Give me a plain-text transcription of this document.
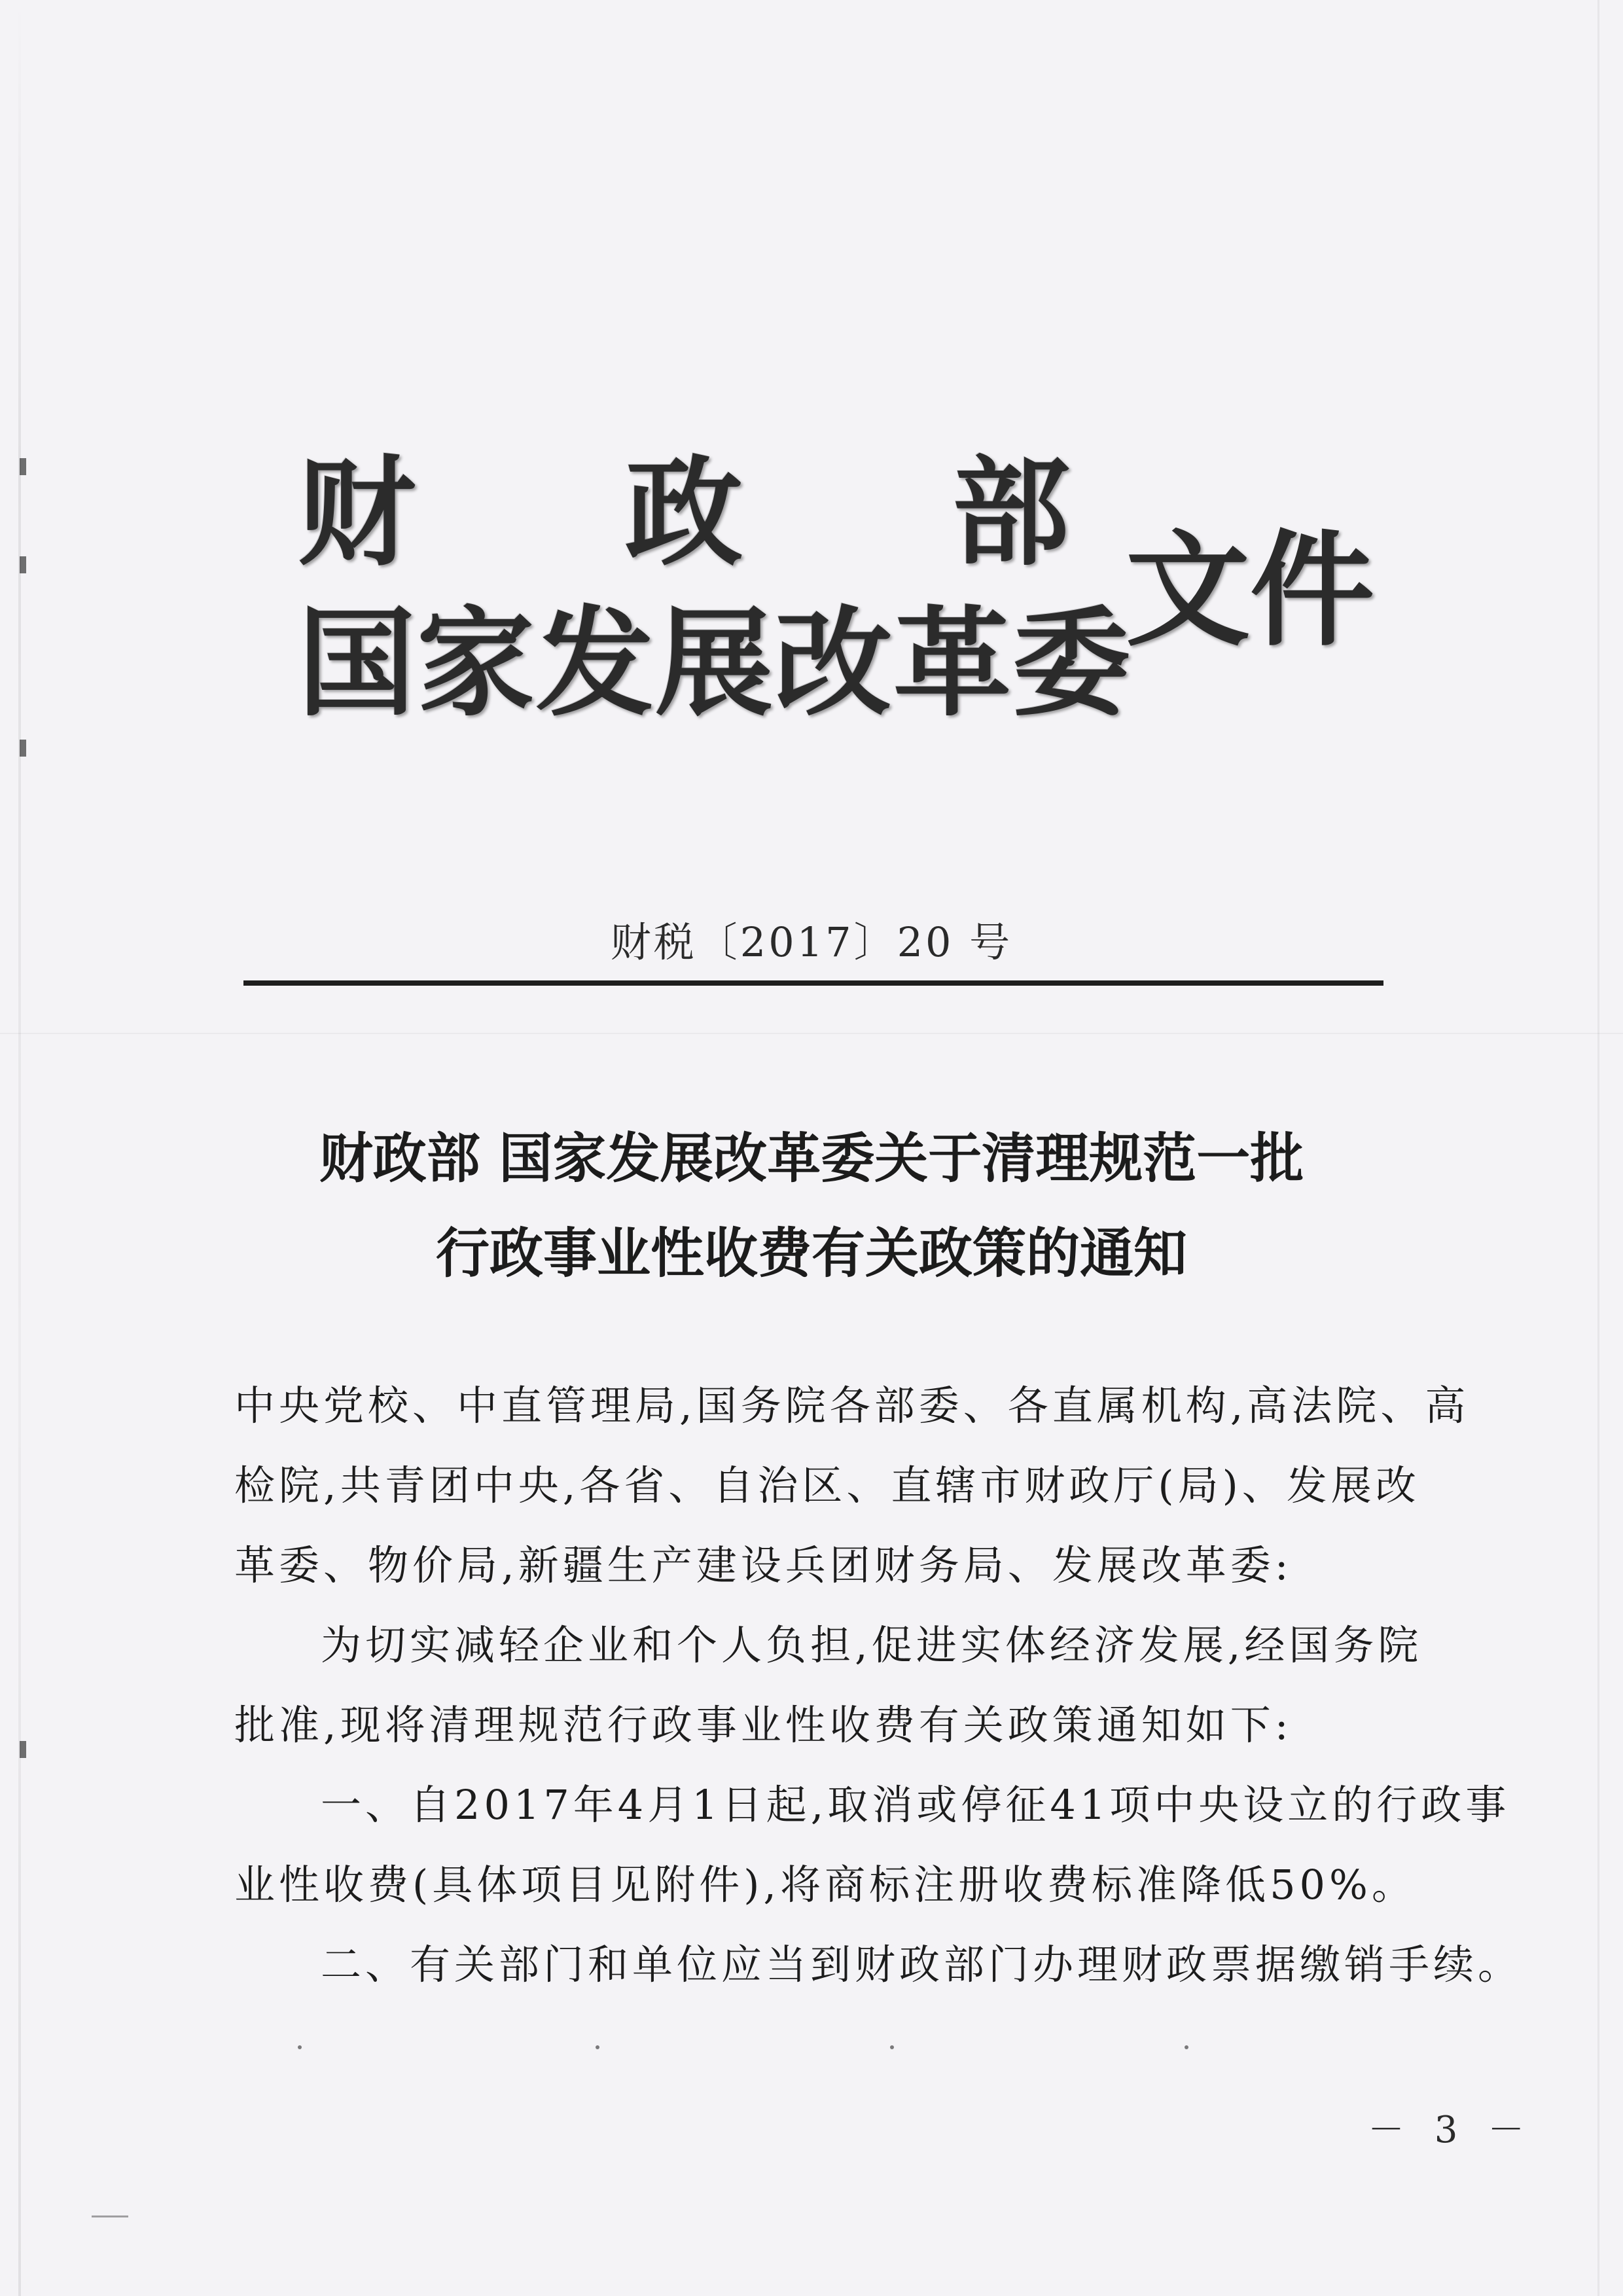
财 政 部
国家发展改革委
文件
财税〔2017〕20 号
财政部 国家发展改革委关于清理规范一批
行政事业性收费有关政策的通知
中央党校、中直管理局,国务院各部委、各直属机构,高法院、高
检院,共青团中央,各省、自治区、直辖市财政厅(局)、发展改
革委、物价局,新疆生产建设兵团财务局、发展改革委:
为切实减轻企业和个人负担,促进实体经济发展,经国务院
批准,现将清理规范行政事业性收费有关政策通知如下:
一、自2017年4月1日起,取消或停征41项中央设立的行政事
业性收费(具体项目见附件),将商标注册收费标准降低50%。
二、有关部门和单位应当到财政部门办理财政票据缴销手续。
－ 3 －
